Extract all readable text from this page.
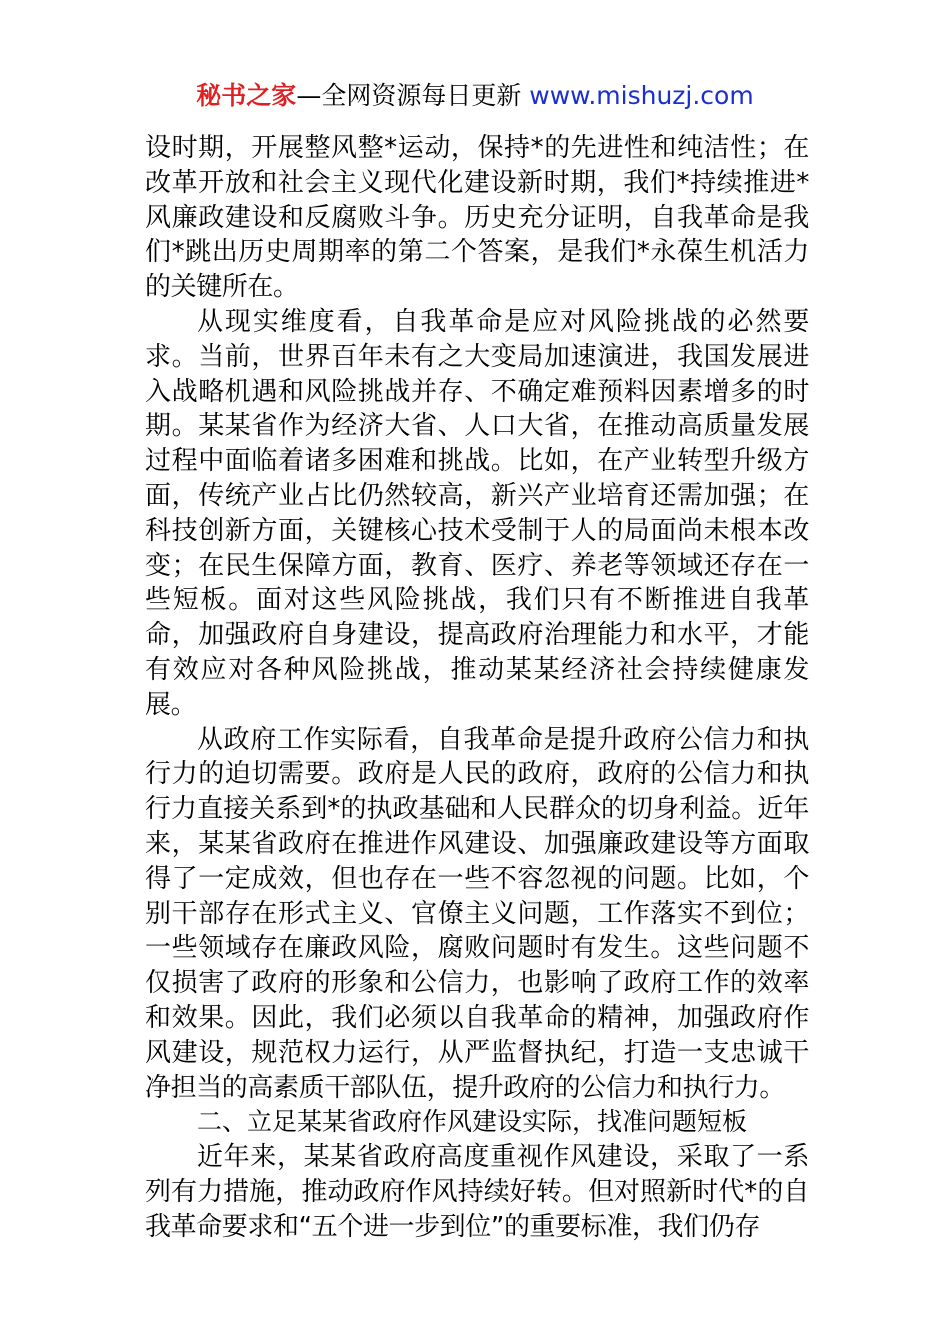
秘书之家—全网资源每日更新 www.mishuzj.com

设时期，开展整风整*运动，保持*的先进性和纯洁性；在改革开放和社会主义现代化建设新时期，我们*持续推进*风廉政建设和反腐败斗争。历史充分证明，自我革命是我们*跳出历史周期率的第二个答案，是我们*永葆生机活力的关键所在。

从现实维度看，自我革命是应对风险挑战的必然要求。当前，世界百年未有之大变局加速演进，我国发展进入战略机遇和风险挑战并存、不确定难预料因素增多的时期。某某省作为经济大省、人口大省，在推动高质量发展过程中面临着诸多困难和挑战。比如，在产业转型升级方面，传统产业占比仍然较高，新兴产业培育还需加强；在科技创新方面，关键核心技术受制于人的局面尚未根本改变；在民生保障方面，教育、医疗、养老等领域还存在一些短板。面对这些风险挑战，我们只有不断推进自我革命，加强政府自身建设，提高政府治理能力和水平，才能有效应对各种风险挑战，推动某某经济社会持续健康发展。

从政府工作实际看，自我革命是提升政府公信力和执行力的迫切需要。政府是人民的政府，政府的公信力和执行力直接关系到*的执政基础和人民群众的切身利益。近年来，某某省政府在推进作风建设、加强廉政建设等方面取得了一定成效，但也存在一些不容忽视的问题。比如，个别干部存在形式主义、官僚主义问题，工作落实不到位；一些领域存在廉政风险，腐败问题时有发生。这些问题不仅损害了政府的形象和公信力，也影响了政府工作的效率和效果。因此，我们必须以自我革命的精神，加强政府作风建设，规范权力运行，从严监督执纪，打造一支忠诚干净担当的高素质干部队伍，提升政府的公信力和执行力。

二、立足某某省政府作风建设实际，找准问题短板

近年来，某某省政府高度重视作风建设，采取了一系列有力措施，推动政府作风持续好转。但对照新时代*的自我革命要求和“五个进一步到位”的重要标准，我们仍存
